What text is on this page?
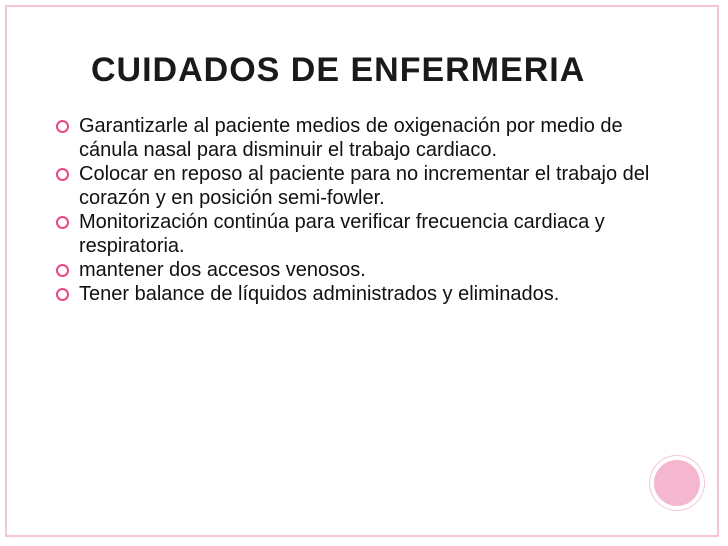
CUIDADOS DE ENFERMERIA
Garantizarle al paciente medios de oxigenación por medio de cánula nasal para disminuir el trabajo cardiaco.
Colocar en reposo al paciente para no incrementar el trabajo del corazón y en posición semi-fowler.
Monitorización continúa para verificar frecuencia cardiaca y respiratoria.
mantener dos accesos venosos.
Tener balance de líquidos administrados y eliminados.
